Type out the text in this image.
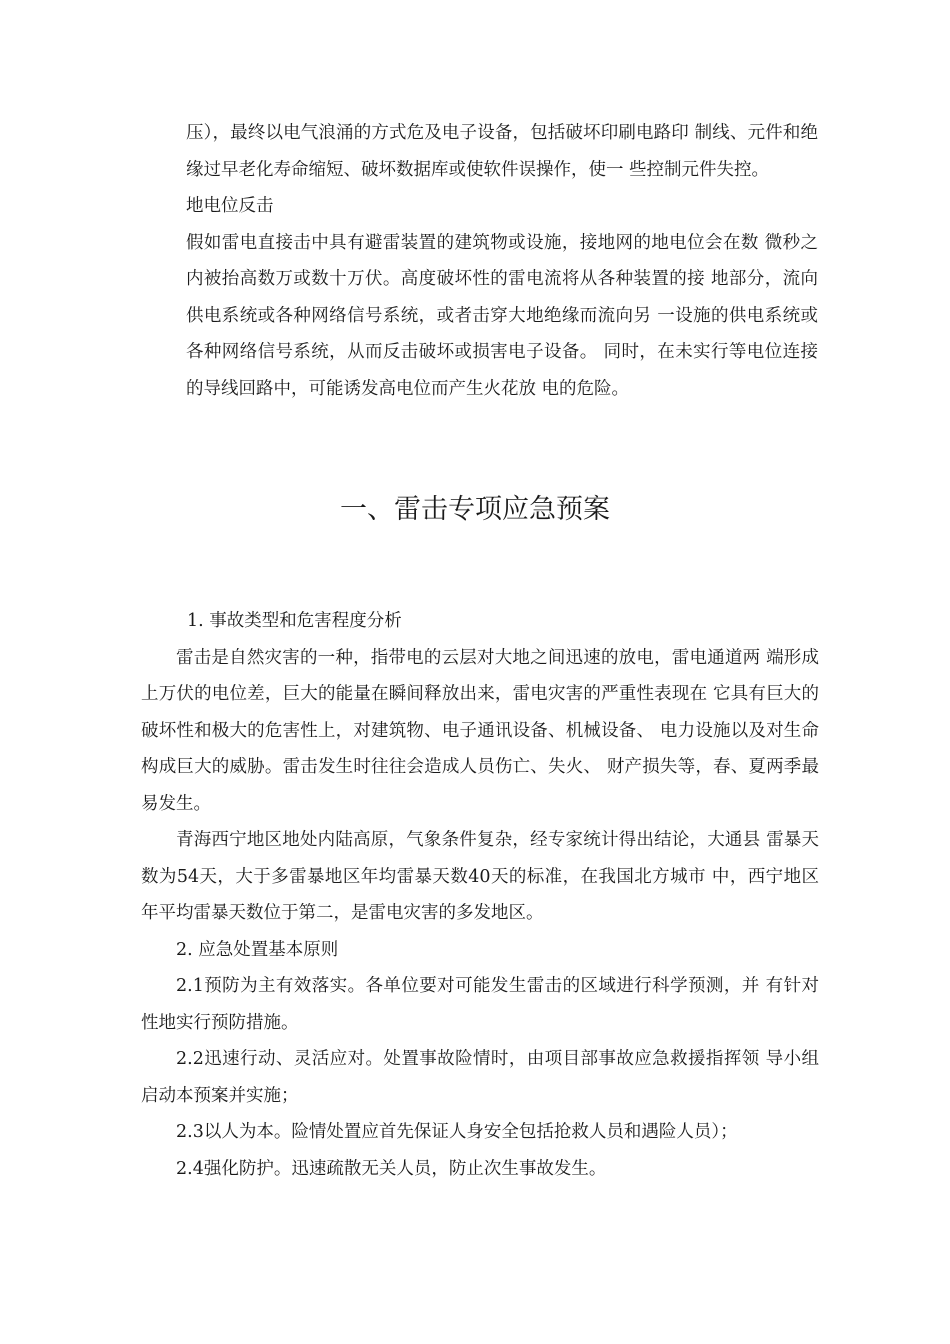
压），最终以电气浪涌的方式危及电子设备，包括破坏印刷电路印 制线、元件和绝缘过早老化寿命缩短、破坏数据库或使软件误操作，使一 些控制元件失控。

地电位反击

假如雷电直接击中具有避雷装置的建筑物或设施，接地网的地电位会在数 微秒之内被抬高数万或数十万伏。高度破坏性的雷电流将从各种装置的接 地部分，流向供电系统或各种网络信号系统，或者击穿大地绝缘而流向另 一设施的供电系统或各种网络信号系统，从而反击破坏或损害电子设备。 同时，在未实行等电位连接的导线回路中，可能诱发高电位而产生火花放 电的危险。

一、雷击专项应急预案

1. 事故类型和危害程度分析

雷击是自然灾害的一种，指带电的云层对大地之间迅速的放电，雷电通道两 端形成上万伏的电位差，巨大的能量在瞬间释放出来，雷电灾害的严重性表现在 它具有巨大的破坏性和极大的危害性上，对建筑物、电子通讯设备、机械设备、 电力设施以及对生命构成巨大的威胁。雷击发生时往往会造成人员伤亡、失火、 财产损失等，春、夏两季最易发生。

青海西宁地区地处内陆高原，气象条件复杂，经专家统计得出结论，大通县 雷暴天数为54天，大于多雷暴地区年均雷暴天数40天的标准，在我国北方城市 中，西宁地区年平均雷暴天数位于第二，是雷电灾害的多发地区。

2. 应急处置基本原则

2.1预防为主有效落实。各单位要对可能发生雷击的区域进行科学预测，并 有针对性地实行预防措施。

2.2迅速行动、灵活应对。处置事故险情时，由项目部事故应急救援指挥领 导小组启动本预案并实施；

2.3以人为本。险情处置应首先保证人身安全包括抢救人员和遇险人员）；

2.4强化防护。迅速疏散无关人员，防止次生事故发生。
